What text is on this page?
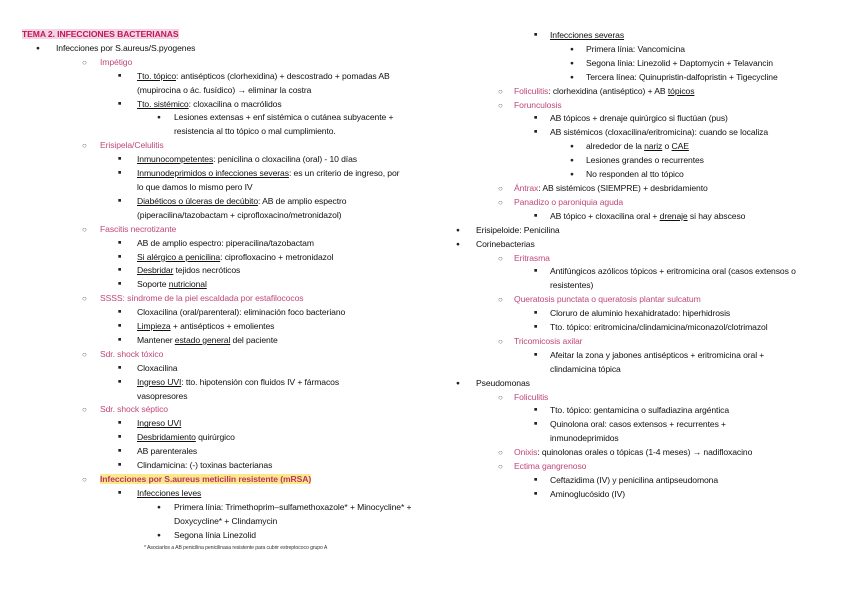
TEMA 2. INFECCIONES BACTERIANAS
● Infecciones por S.aureus/S.pyogenes
○ Impétigo
■ Tto. tópico: antisépticos (clorhexidina) + descostrado + pomadas AB (mupirocina o ác. fusídico) → eliminar la costra
■ Tto. sistémico: cloxacilina o macrólidos
● Lesiones extensas + enf sistémica o cutánea subyacente + resistencia al tto tópico o mal cumplimiento.
○ Erisipela/Celulitis
■ Inmunocompetentes: penicilina o cloxacilina (oral) - 10 días
■ Inmunodeprimidos o infecciones severas: es un criterio de ingreso, por lo que damos lo mismo pero IV
■ Diabéticos o úlceras de decúbito: AB de amplio espectro (piperacilina/tazobactam + ciprofloxacino/metronidazol)
○ Fascitis necrotizante
■ AB de amplio espectro: piperacilina/tazobactam
■ Si alérgico a penicilina: ciprofloxacino + metronidazol
■ Desbridar tejidos necróticos
■ Soporte nutricional
○ SSSS: síndrome de la piel escaldada por estafilococos
■ Cloxacilina (oral/parenteral): eliminación foco bacteriano
■ Limpieza + antisépticos + emolientes
■ Mantener estado general del paciente
○ Sdr. shock tóxico
■ Cloxacilina
■ Ingreso UVI: tto. hipotensión con fluidos IV + fármacos vasopresores
○ Sdr. shock séptico
■ Ingreso UVI
■ Desbridamiento quirúrgico
■ AB parenterales
■ Clindamicina: (-) toxinas bacterianas
○ Infecciones por S.aureus meticilin resistente (mRSA)
■ Infecciones leves
● Primera línia: Trimethoprim–sulfamethoxazole* + Minocycline* + Doxycycline* + Clindamycin
● Segona línia Linezolid
* Asociarlos a AB penicilina penicilinasa resistente para cubrir estreptococo grupo A
■ Infecciones severas
● Primera línia: Vancomicina
● Segona línia: Linezolid + Daptomycin + Telavancin
● Tercera línea: Quinupristin-dalfopristin + Tigecycline
○ Foliculitis: clorhexidina (antiséptico) + AB tópicos
○ Forunculosis
■ AB tópicos + drenaje quirúrgico si fluctúan (pus)
■ AB sistémicos (cloxacilina/eritromicina): cuando se localiza
● alrededor de la nariz o CAE
● Lesiones grandes o recurrentes
● No responden al tto tópico
○ Ántrax: AB sistémicos (SIEMPRE) + desbridamiento
○ Panadizo o paroniquia aguda
■ AB tópico + cloxacilina oral + drenaje si hay absceso
● Erisipeloide: Penicilina
● Corinebacterias
○ Eritrasma
■ Antifúngicos azólicos tópicos + eritromicina oral (casos extensos o resistentes)
○ Queratosis punctata o queratosis plantar sulcatum
■ Cloruro de aluminio hexahidratado: hiperhidrosis
■ Tto. tópico: eritromicina/clindamicina/miconazol/clotrimazol
○ Tricomicosis axilar
■ Afeitar la zona y jabones antisépticos + eritromicina oral + clindamicina tópica
● Pseudomonas
○ Foliculitis
■ Tto. tópico: gentamicina o sulfadiazina argéntica
■ Quinolona oral: casos extensos + recurrentes + inmunodeprimidos
○ Onixis: quinolonas orales o tópicas (1-4 meses) → nadifloxacino
○ Ectima gangrenoso
■ Ceftazidima (IV) y penicilina antipseudomona
■ Aminoglucósido (IV)
